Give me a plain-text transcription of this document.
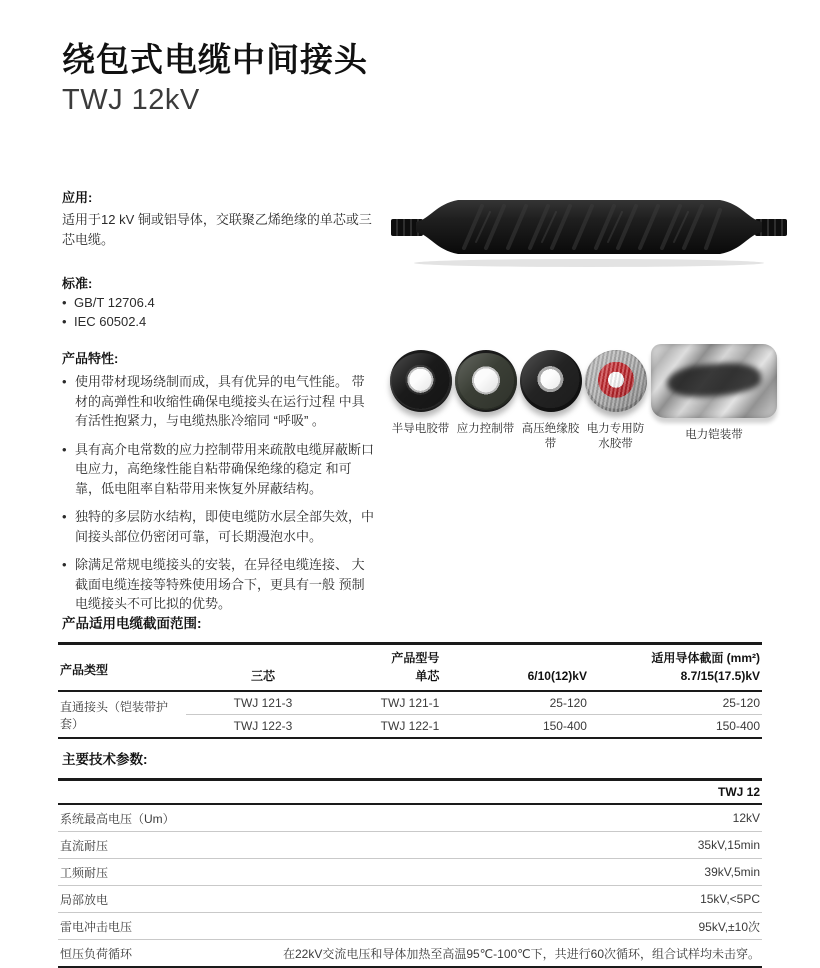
绕包式电缆中间接头
TWJ 12kV
应用:
适用于12 kV 铜或铝导体，交联聚乙烯绝缘的单芯或三芯电缆。
标准:
• GB/T 12706.4
• IEC 60502.4
产品特性:
• 使用带材现场绕制而成，具有优异的电气性能。 带材的高弹性和收缩性确保电缆接头在运行过程 中具有活性抱紧力，与电缆热胀冷缩同 “呼吸” 。
• 具有高介电常数的应力控制带用来疏散电缆屏蔽断口电应力，高绝缘性能自粘带确保绝缘的稳定 和可靠，低电阻率自粘带用来恢复外屏蔽结构。
• 独特的多层防水结构，即使电缆防水层全部失效，中间接头部位仍密闭可靠，可长期漫泡水中。
• 除满足常规电缆接头的安装，在异径电缆连接、 大截面电缆连接等特殊使用场合下，更具有一般 预制电缆接头不可比拟的优势。
半导电胶带 应力控制带 高压绝缘胶带
电力专用防水胶带
电力铠装带
产品适用电缆截面范围:
产品类型		产品型号		适用导体截面 (mm²)
	三芯	单芯	6/10(12)kV	8.7/15(17.5)kV
直通接头（铠装带护套）	TWJ 121-3	TWJ 121-1	25-120	25-120
	TWJ 122-3	TWJ 122-1	150-400	150-400
主要技术参数:
	TWJ 12
系统最高电压（Um）	12kV
直流耐压	35kV,15min
工频耐压	39kV,5min
局部放电	15kV,<5PC
雷电冲击电压	95kV,±10次
恒压负荷循环	在22kV交流电压和导体加热至高温95℃-100℃下，共进行60次循环，组合试样均未击穿。
